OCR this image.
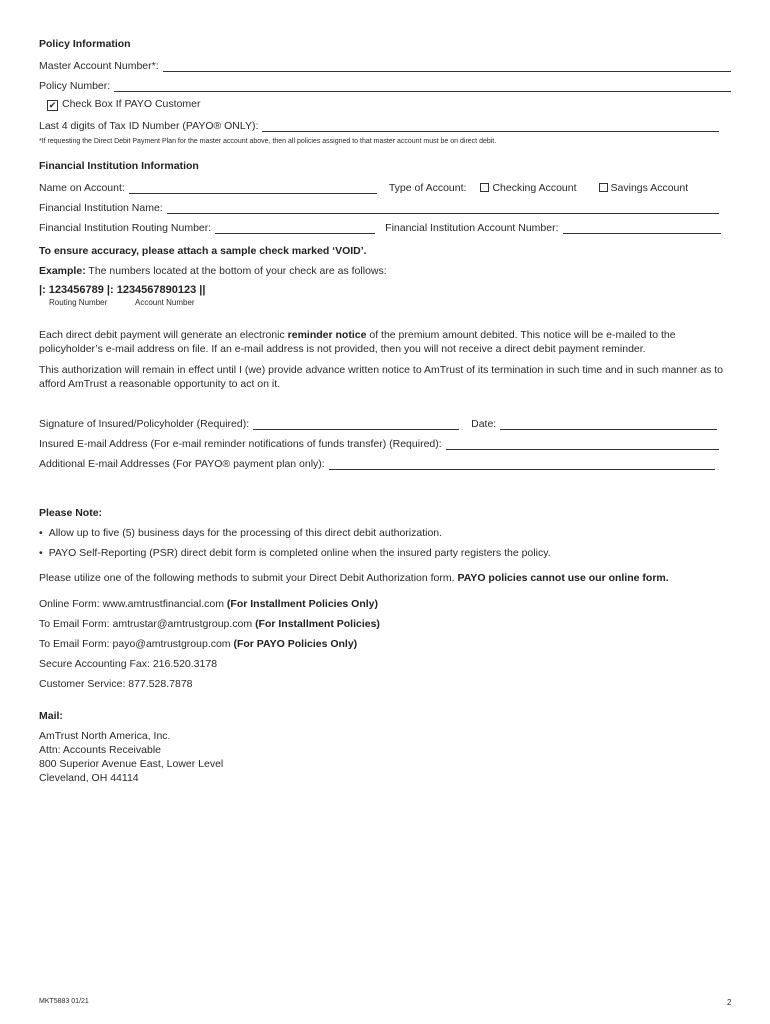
Policy Information
Master Account Number*:
Policy Number:
✔ Check Box If PAYO Customer
Last 4 digits of Tax ID Number (PAYO® ONLY):
*If requesting the Direct Debit Payment Plan for the master account above, then all policies assigned to that master account must be on direct debit.
Financial Institution Information
Name on Account:	Type of Account:	Checking Account	Savings Account
Financial Institution Name:
Financial Institution Routing Number:	Financial Institution Account Number:
To ensure accuracy, please attach a sample check marked ‘VOID’.
Example: The numbers located at the bottom of your check are as follows:
|: 123456789 |: 1234567890123 ||
Routing Number	Account Number
Each direct debit payment will generate an electronic reminder notice of the premium amount debited. This notice will be e-mailed to the policyholder’s e-mail address on file. If an e-mail address is not provided, then you will not receive a direct debit payment reminder.
This authorization will remain in effect until I (we) provide advance written notice to AmTrust of its termination in such time and in such manner as to afford AmTrust a reasonable opportunity to act on it.
Signature of Insured/Policyholder (Required):	Date:
Insured E-mail Address (For e-mail reminder notifications of funds transfer) (Required):
Additional E-mail Addresses (For PAYO® payment plan only):
Please Note:
• Allow up to five (5) business days for the processing of this direct debit authorization.
• PAYO Self-Reporting (PSR) direct debit form is completed online when the insured party registers the policy.
Please utilize one of the following methods to submit your Direct Debit Authorization form. PAYO policies cannot use our online form.
Online Form: www.amtrustfinancial.com (For Installment Policies Only)
To Email Form: amtrustar@amtrustgroup.com (For Installment Policies)
To Email Form: payo@amtrustgroup.com (For PAYO Policies Only)
Secure Accounting Fax: 216.520.3178
Customer Service: 877.528.7878
Mail:
AmTrust North America, Inc.
Attn: Accounts Receivable
800 Superior Avenue East, Lower Level
Cleveland, OH 44114
MKT5883 01/21	2
